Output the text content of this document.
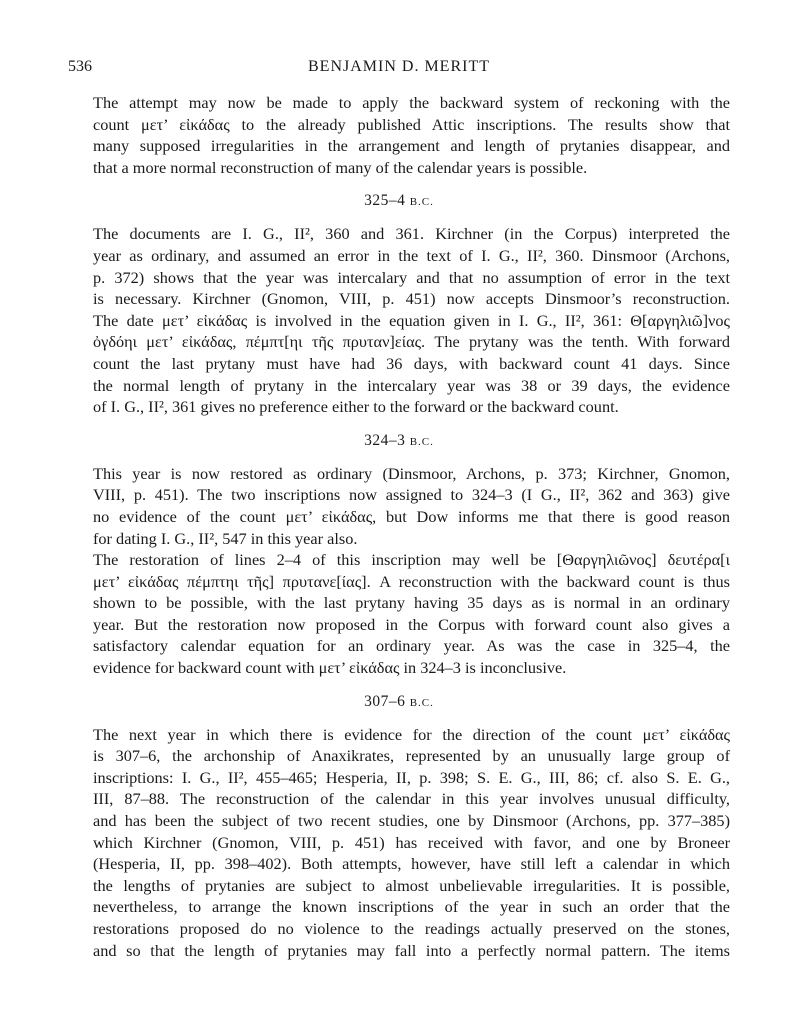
536	BENJAMIN D. MERITT

The attempt may now be made to apply the backward system of reckoning with the
count μετ’ εἰκάδας to the already published Attic inscriptions. The results show that
many supposed irregularities in the arrangement and length of prytanies disappear, and
that a more normal reconstruction of many of the calendar years is possible.

325–4 B.C.

The documents are I. G., II², 360 and 361. Kirchner (in the Corpus) interpreted the
year as ordinary, and assumed an error in the text of I. G., II², 360. Dinsmoor (Archons,
p. 372) shows that the year was intercalary and that no assumption of error in the text
is necessary. Kirchner (Gnomon, VIII, p. 451) now accepts Dinsmoor’s reconstruction.
The date μετ’ εἰκάδας is involved in the equation given in I. G., II², 361: Θ[αργηλιῶ]νος
ὀγδόηι μετ’ εἰκάδας, πέμπτ[ηι τῆς πρυταν]είας. The prytany was the tenth. With forward
count the last prytany must have had 36 days, with backward count 41 days. Since
the normal length of prytany in the intercalary year was 38 or 39 days, the evidence
of I. G., II², 361 gives no preference either to the forward or the backward count.

324–3 B.C.

This year is now restored as ordinary (Dinsmoor, Archons, p. 373; Kirchner, Gnomon,
VIII, p. 451). The two inscriptions now assigned to 324–3 (I G., II², 362 and 363) give
no evidence of the count μετ’ εἰκάδας, but Dow informs me that there is good reason
for dating I. G., II², 547 in this year also.

The restoration of lines 2–4 of this inscription may well be [Θαργηλιῶνος] δευτέρα[ι
μετ’ εἰκάδας πέμπτηι τῆς] πρυτανε[ίας]. A reconstruction with the backward count is thus
shown to be possible, with the last prytany having 35 days as is normal in an ordinary
year. But the restoration now proposed in the Corpus with forward count also gives a
satisfactory calendar equation for an ordinary year. As was the case in 325–4, the
evidence for backward count with μετ’ εἰκάδας in 324–3 is inconclusive.

307–6 B.C.

The next year in which there is evidence for the direction of the count μετ’ εἰκάδας
is 307–6, the archonship of Anaxikrates, represented by an unusually large group of
inscriptions: I. G., II², 455–465; Hesperia, II, p. 398; S. E. G., III, 86; cf. also S. E. G.,
III, 87–88. The reconstruction of the calendar in this year involves unusual difficulty,
and has been the subject of two recent studies, one by Dinsmoor (Archons, pp. 377–385)
which Kirchner (Gnomon, VIII, p. 451) has received with favor, and one by Broneer
(Hesperia, II, pp. 398–402). Both attempts, however, have still left a calendar in which
the lengths of prytanies are subject to almost unbelievable irregularities. It is possible,
nevertheless, to arrange the known inscriptions of the year in such an order that the
restorations proposed do no violence to the readings actually preserved on the stones,
and so that the length of prytanies may fall into a perfectly normal pattern. The items
